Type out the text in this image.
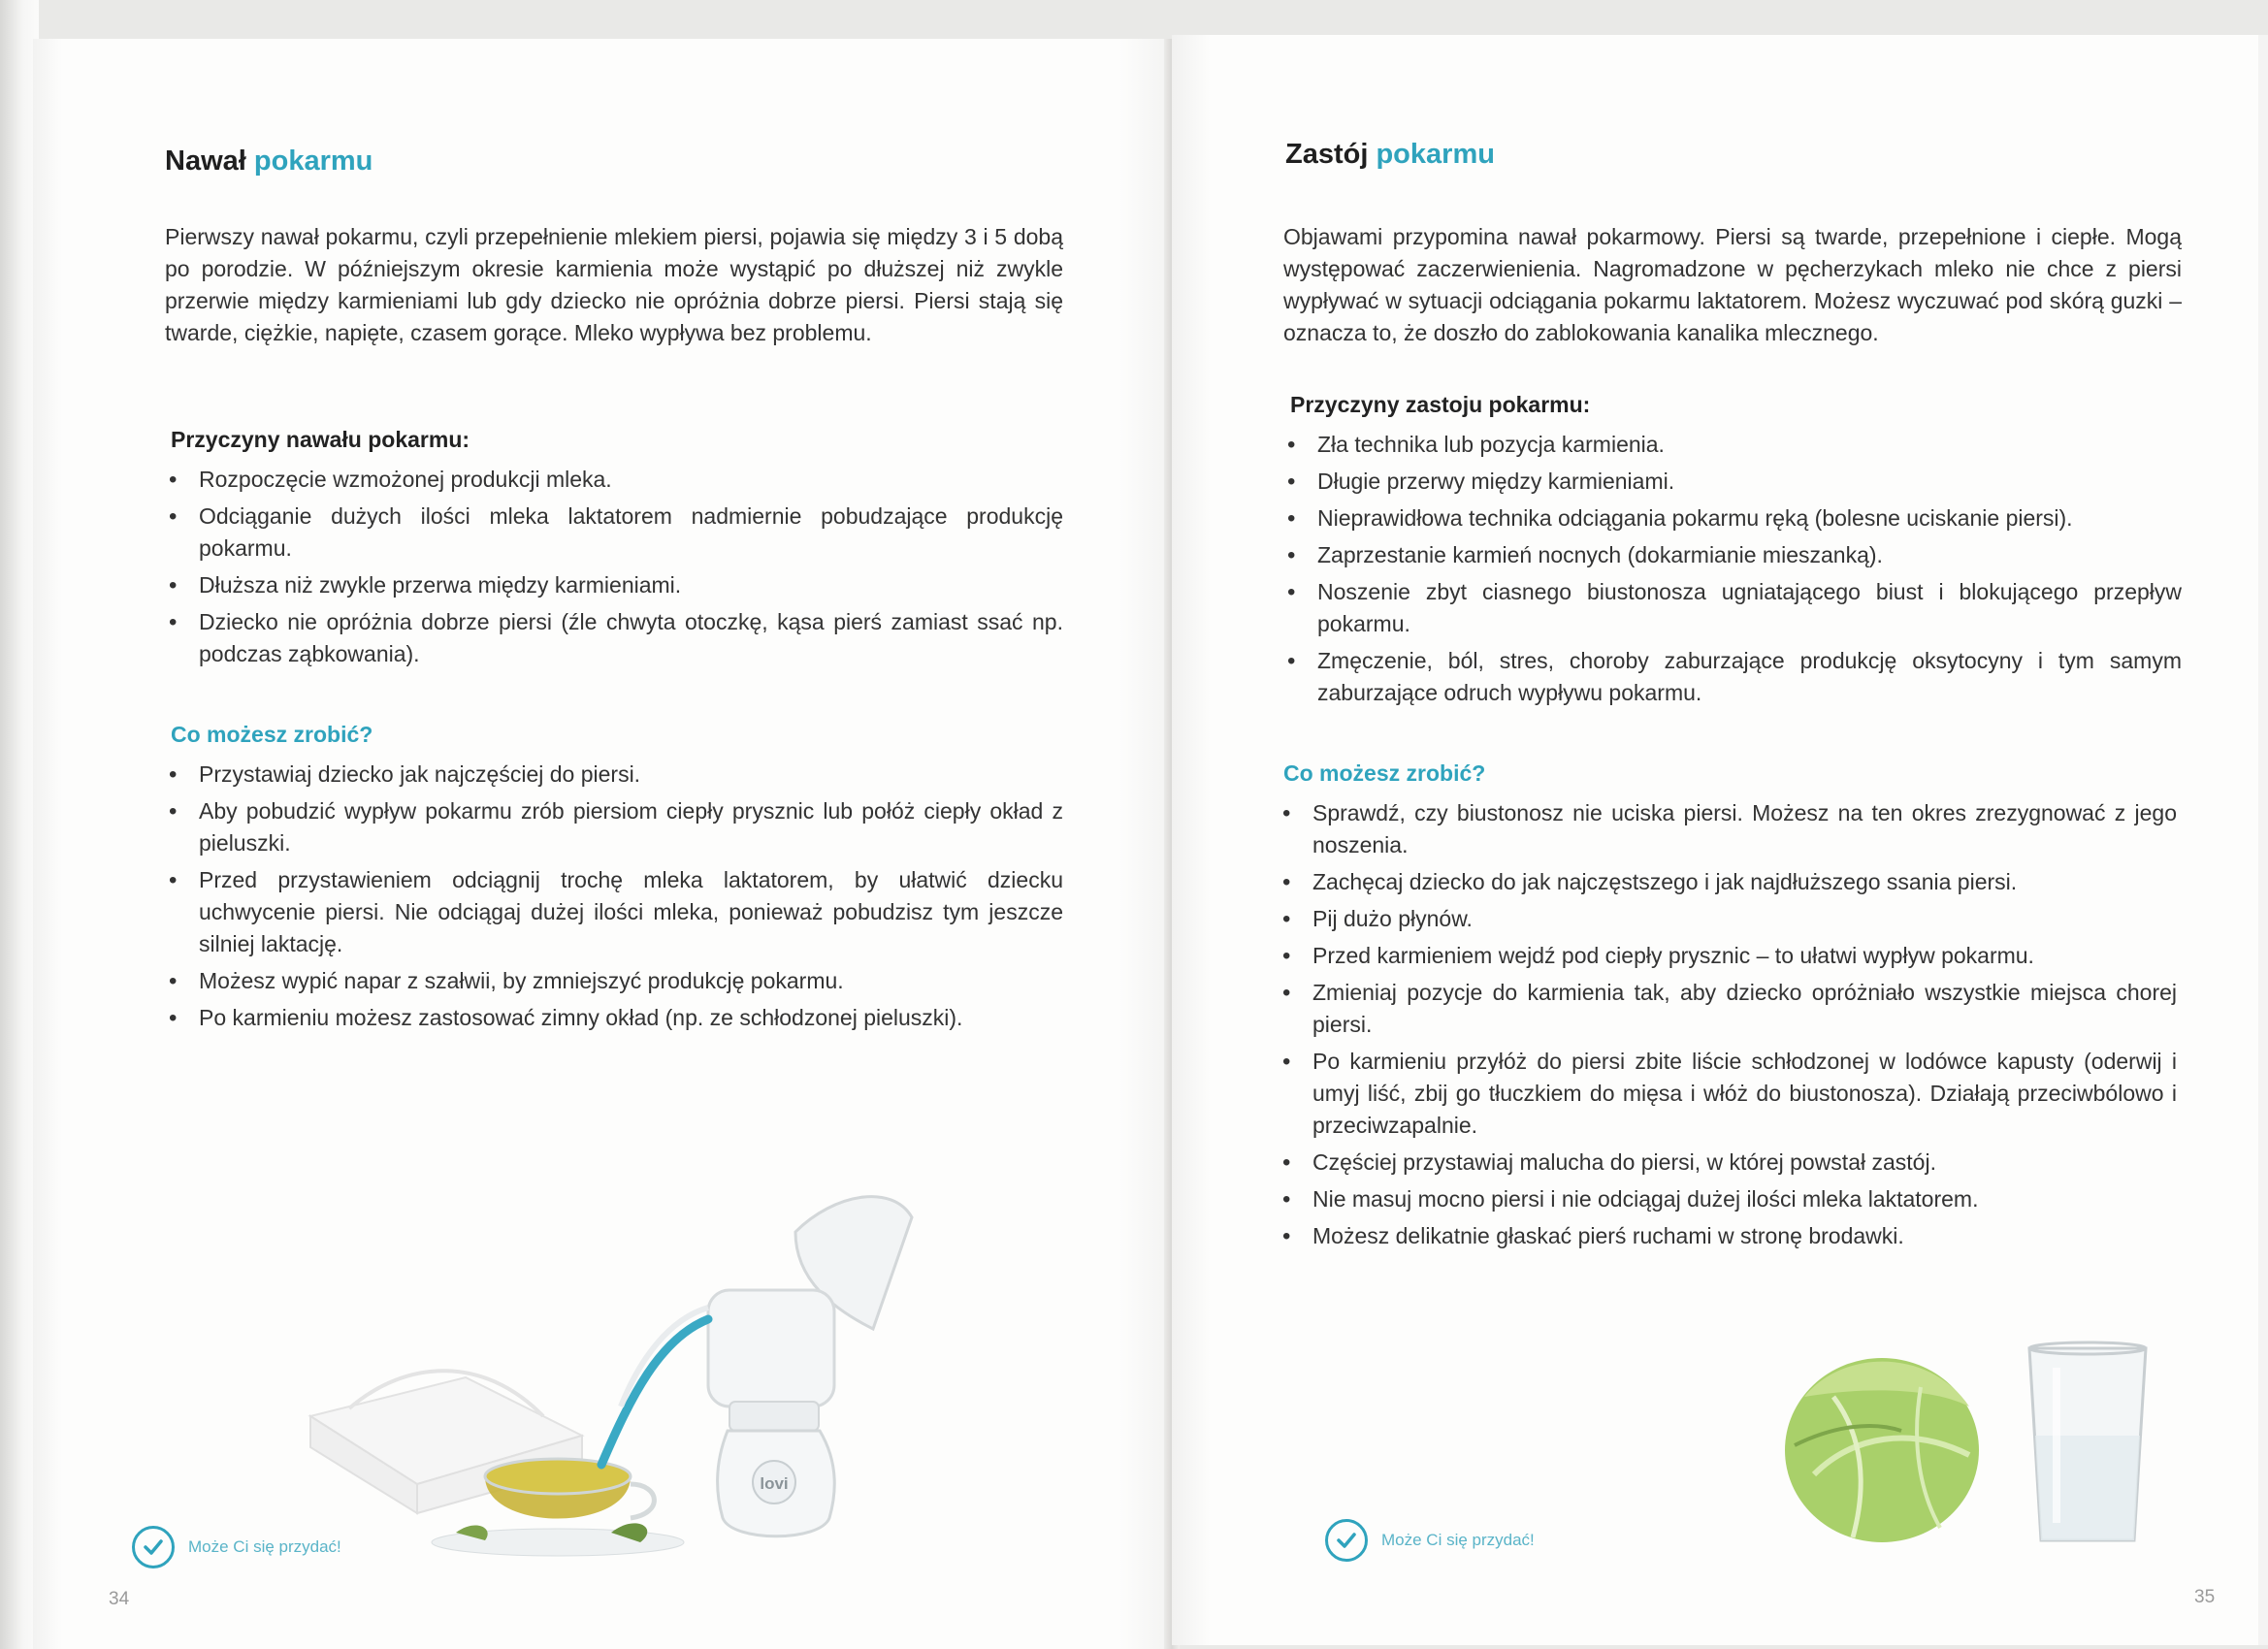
Nawał pokarmu

Pierwszy nawał pokarmu, czyli przepełnienie mlekiem piersi, pojawia się między 3 i 5 dobą po porodzie. W późniejszym okresie karmienia może wystąpić po dłuższej niż zwykle przerwie między karmieniami lub gdy dziecko nie opróżnia dobrze piersi. Piersi stają się twarde, ciężkie, napięte, czasem gorące. Mleko wypływa bez problemu.

Przyczyny nawału pokarmu:
• Rozpoczęcie wzmożonej produkcji mleka.
• Odciąganie dużych ilości mleka laktatorem nadmiernie pobudzające produkcję pokarmu.
• Dłuższa niż zwykle przerwa między karmieniami.
• Dziecko nie opróżnia dobrze piersi (źle chwyta otoczkę, kąsa pierś zamiast ssać np. podczas ząbkowania).
Co możesz zrobić?
• Przystawiaj dziecko jak najczęściej do piersi.
• Aby pobudzić wypływ pokarmu zrób piersiom ciepły prysznic lub połóż ciepły okład z pieluszki.
• Przed przystawieniem odciągnij trochę mleka laktatorem, by ułatwić dziecku uchwycenie piersi. Nie odciągaj dużej ilości mleka, ponieważ pobudzisz tym jeszcze silniej laktację.
• Możesz wypić napar z szałwii, by zmniejszyć produkcję pokarmu.
• Po karmieniu możesz zastosować zimny okład (np. ze schłodzonej pieluszki).
lovi
Może Ci się przydać!
34
Zastój pokarmu

Objawami przypomina nawał pokarmowy. Piersi są twarde, przepełnione i ciepłe. Mogą występować zaczerwienienia. Nagromadzone w pęcherzykach mleko nie chce z piersi wypływać w sytuacji odciągania pokarmu laktatorem. Możesz wyczuwać pod skórą guzki – oznacza to, że doszło do zablokowania kanalika mlecznego.

Przyczyny zastoju pokarmu:
• Zła technika lub pozycja karmienia.
• Długie przerwy między karmieniami.
• Nieprawidłowa technika odciągania pokarmu ręką (bolesne uciskanie piersi).
• Zaprzestanie karmień nocnych (dokarmianie mieszanką).
• Noszenie zbyt ciasnego biustonosza ugniatającego biust i blokującego przepływ pokarmu.
• Zmęczenie, ból, stres, choroby zaburzające produkcję oksytocyny i tym samym zaburzające odruch wypływu pokarmu.
Co możesz zrobić?
• Sprawdź, czy biustonosz nie uciska piersi. Możesz na ten okres zrezygnować z jego noszenia.
• Zachęcaj dziecko do jak najczęstszego i jak najdłuższego ssania piersi.
• Pij dużo płynów.
• Przed karmieniem wejdź pod ciepły prysznic – to ułatwi wypływ pokarmu.
• Zmieniaj pozycje do karmienia tak, aby dziecko opróżniało wszystkie miejsca chorej piersi.
• Po karmieniu przyłóż do piersi zbite liście schłodzonej w lodówce kapusty (oderwij i umyj liść, zbij go tłuczkiem do mięsa i włóż do biustonosza). Działają przeciwbólowo i przeciwzapalnie.
• Częściej przystawiaj malucha do piersi, w której powstał zastój.
• Nie masuj mocno piersi i nie odciągaj dużej ilości mleka laktatorem.
• Możesz delikatnie głaskać pierś ruchami w stronę brodawki.
Może Ci się przydać!
35
